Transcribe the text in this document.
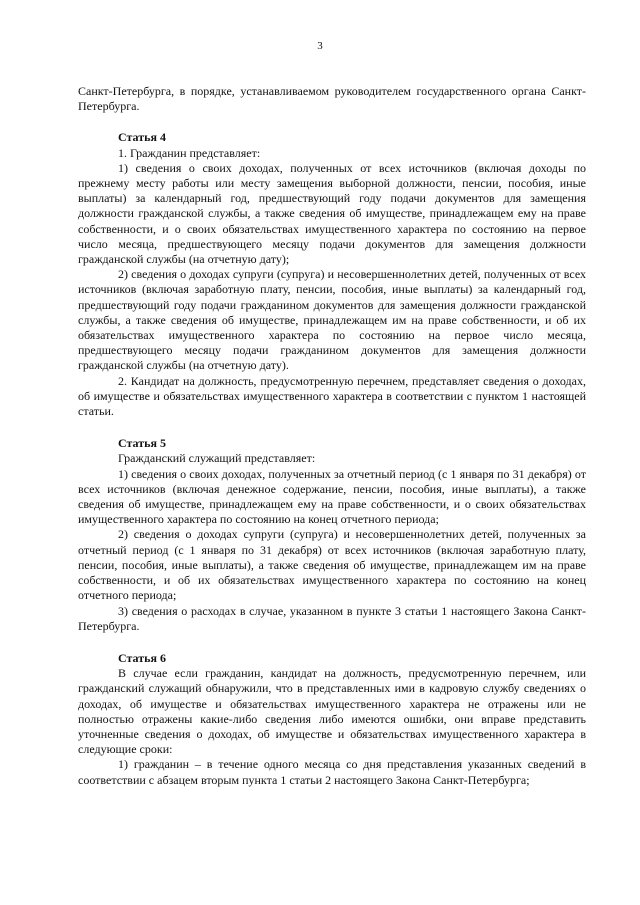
3

Санкт-Петербурга, в порядке, устанавливаемом руководителем государственного органа Санкт-Петербурга.

Статья 4

1. Гражданин представляет:

1) сведения о своих доходах, полученных от всех источников (включая доходы по прежнему месту работы или месту замещения выборной должности, пенсии, пособия, иные выплаты) за календарный год, предшествующий году подачи документов для замещения должности гражданской службы, а также сведения об имуществе, принадлежащем ему на праве собственности, и о своих обязательствах имущественного характера по состоянию на первое число месяца, предшествующего месяцу подачи документов для замещения должности гражданской службы (на отчетную дату);

2) сведения о доходах супруги (супруга) и несовершеннолетних детей, полученных от всех источников (включая заработную плату, пенсии, пособия, иные выплаты) за календарный год, предшествующий году подачи гражданином документов для замещения должности гражданской службы, а также сведения об имуществе, принадлежащем им на праве собственности, и об их обязательствах имущественного характера по состоянию на первое число месяца, предшествующего месяцу подачи гражданином документов для замещения должности гражданской службы (на отчетную дату).

2. Кандидат на должность, предусмотренную перечнем, представляет сведения о доходах, об имуществе и обязательствах имущественного характера в соответствии с пунктом 1 настоящей статьи.

Статья 5

Гражданский служащий представляет:

1) сведения о своих доходах, полученных за отчетный период (с 1 января по 31 декабря) от всех источников (включая денежное содержание, пенсии, пособия, иные выплаты), а также сведения об имуществе, принадлежащем ему на праве собственности, и о своих обязательствах имущественного характера по состоянию на конец отчетного периода;

2) сведения о доходах супруги (супруга) и несовершеннолетних детей, полученных за отчетный период (с 1 января по 31 декабря) от всех источников (включая заработную плату, пенсии, пособия, иные выплаты), а также сведения об имуществе, принадлежащем им на праве собственности, и об их обязательствах имущественного характера по состоянию на конец отчетного периода;

3) сведения о расходах в случае, указанном в пункте 3 статьи 1 настоящего Закона Санкт-Петербурга.

Статья 6

В случае если гражданин, кандидат на должность, предусмотренную перечнем, или гражданский служащий обнаружили, что в представленных ими в кадровую службу сведениях о доходах, об имуществе и обязательствах имущественного характера не отражены или не полностью отражены какие-либо сведения либо имеются ошибки, они вправе представить уточненные сведения о доходах, об имуществе и обязательствах имущественного характера в следующие сроки:

1) гражданин – в течение одного месяца со дня представления указанных сведений в соответствии с абзацем вторым пункта 1 статьи 2 настоящего Закона Санкт-Петербурга;
